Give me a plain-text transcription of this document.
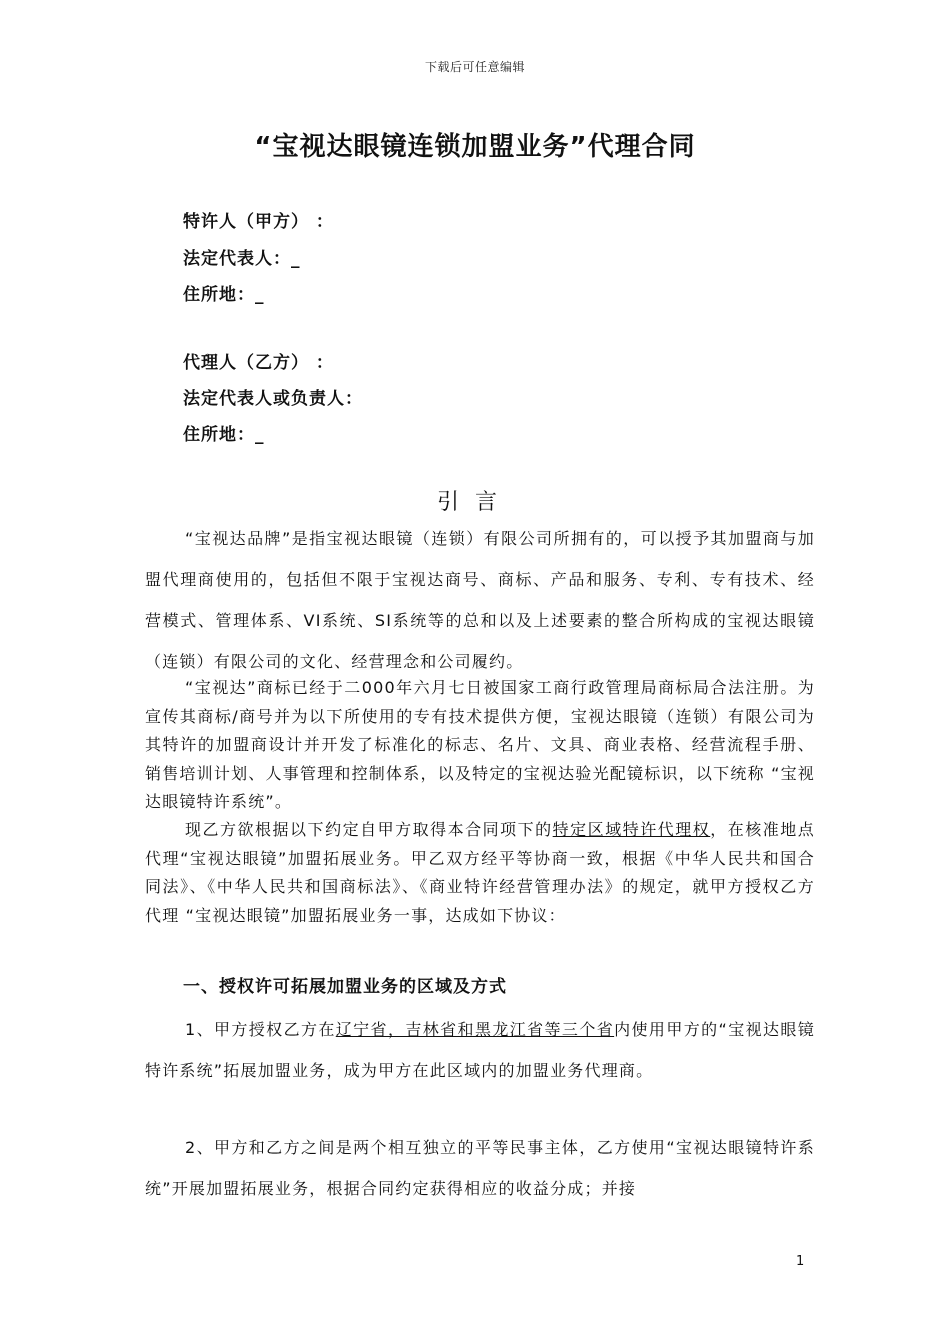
下载后可任意编辑
“宝视达眼镜连锁加盟业务”代理合同
特许人（甲方） ：
法定代表人：_
住所地：_
代理人（乙方） ：
法定代表人或负责人：
住所地：_
引言
“宝视达品牌”是指宝视达眼镜（连锁）有限公司所拥有的，可以授予其加盟商与加盟代理商使用的，包括但不限于宝视达商号、商标、产品和服务、专利、专有技术、经营模式、管理体系、VI系统、SI系统等的总和以及上述要素的整合所构成的宝视达眼镜（连锁）有限公司的文化、经营理念和公司履约。
“宝视达”商标已经于二000年六月七日被国家工商行政管理局商标局合法注册。为宣传其商标/商号并为以下所使用的专有技术提供方便，宝视达眼镜（连锁）有限公司为其特许的加盟商设计并开发了标准化的标志、名片、文具、商业表格、经营流程手册、销售培训计划、人事管理和控制体系，以及特定的宝视达验光配镜标识，以下统称 “宝视达眼镜特许系统”。
现乙方欲根据以下约定自甲方取得本合同项下的特定区域特许代理权，在核准地点代理“宝视达眼镜”加盟拓展业务。甲乙双方经平等协商一致，根据《中华人民共和国合同法》、《中华人民共和国商标法》、《商业特许经营管理办法》的规定，就甲方授权乙方代理 “宝视达眼镜”加盟拓展业务一事，达成如下协议：
一、授权许可拓展加盟业务的区域及方式
1、甲方授权乙方在辽宁省，吉林省和黑龙江省等三个省内使用甲方的“宝视达眼镜特许系统”拓展加盟业务，成为甲方在此区域内的加盟业务代理商。
2、甲方和乙方之间是两个相互独立的平等民事主体，乙方使用“宝视达眼镜特许系统”开展加盟拓展业务，根据合同约定获得相应的收益分成；并接
1
